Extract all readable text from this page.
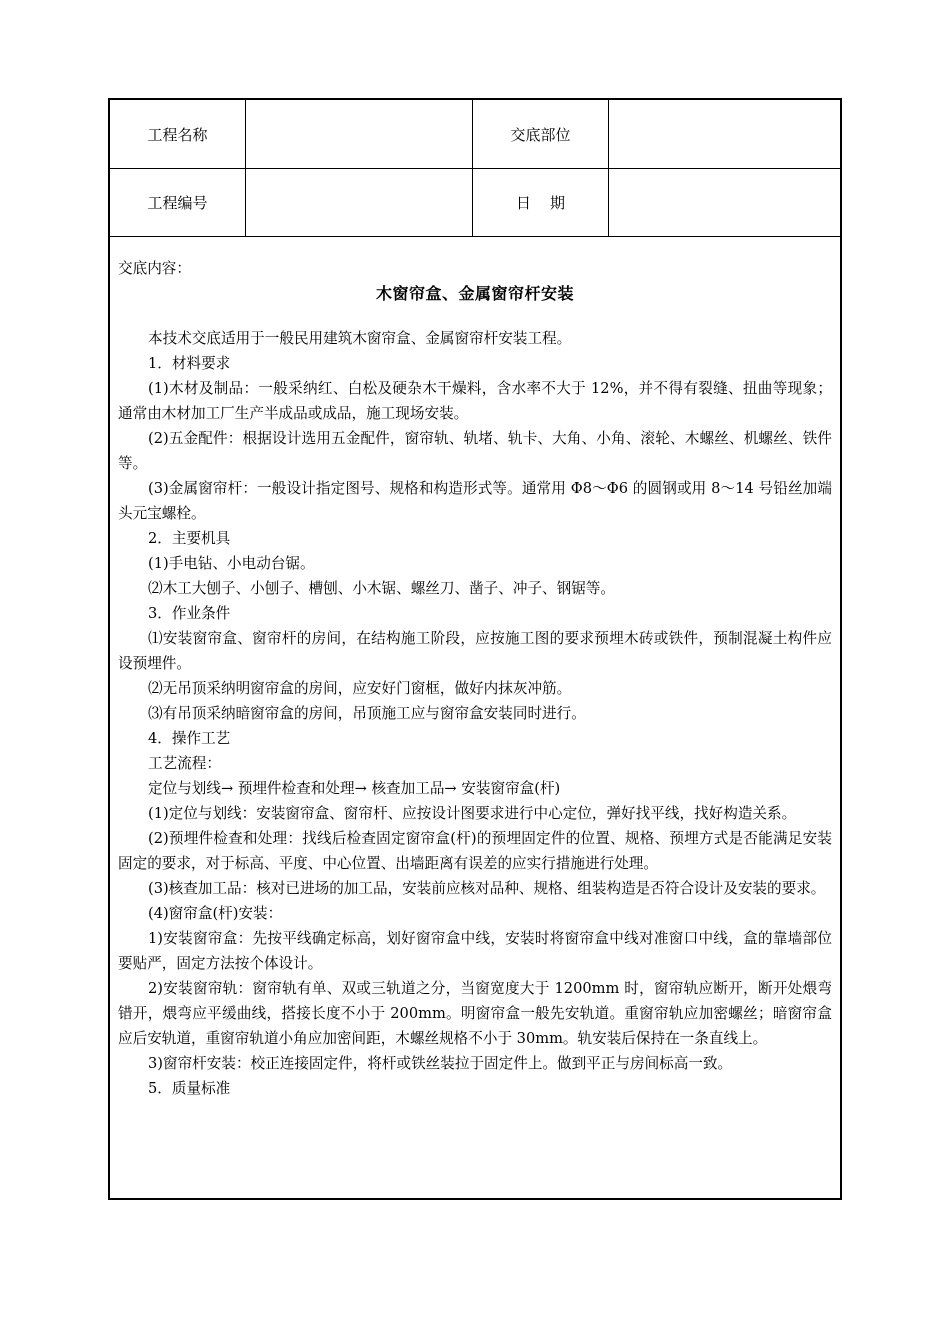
工程名称	交底部位
工程编号	日    期
交底内容：

木窗帘盒、金属窗帘杆安装

本技术交底适用于一般民用建筑木窗帘盒、金属窗帘杆安装工程。

1．材料要求

(1)木材及制品：一般采纳红、白松及硬杂木干燥料，含水率不大于 12%，并不得有裂缝、扭曲等现象；通常由木材加工厂生产半成品或成品，施工现场安装。

(2)五金配件：根据设计选用五金配件，窗帘轨、轨堵、轨卡、大角、小角、滚轮、木螺丝、机螺丝、铁件等。

(3)金属窗帘杆：一般设计指定图号、规格和构造形式等。通常用 Φ8～Φ6 的圆钢或用 8～14 号铅丝加端头元宝螺栓。

2．主要机具

(1)手电钻、小电动台锯。

⑵木工大刨子、小刨子、槽刨、小木锯、螺丝刀、凿子、冲子、钢锯等。

3．作业条件

⑴安装窗帘盒、窗帘杆的房间，在结构施工阶段，应按施工图的要求预埋木砖或铁件，预制混凝土构件应设预埋件。

⑵无吊顶采纳明窗帘盒的房间，应安好门窗框，做好内抹灰冲筋。

⑶有吊顶采纳暗窗帘盒的房间，吊顶施工应与窗帘盒安装同时进行。

4．操作工艺

工艺流程：

定位与划线→ 预埋件检查和处理→ 核查加工品→ 安装窗帘盒(杆)

(1)定位与划线：安装窗帘盒、窗帘杆、应按设计图要求进行中心定位，弹好找平线，找好构造关系。

(2)预埋件检查和处理：找线后检查固定窗帘盒(杆)的预埋固定件的位置、规格、预埋方式是否能满足安装固定的要求，对于标高、平度、中心位置、出墙距离有误差的应实行措施进行处理。

(3)核查加工品：核对已进场的加工品，安装前应核对品种、规格、组装构造是否符合设计及安装的要求。

(4)窗帘盒(杆)安装：

1)安装窗帘盒：先按平线确定标高，划好窗帘盒中线，安装时将窗帘盒中线对准窗口中线，盒的靠墙部位要贴严，固定方法按个体设计。

2)安装窗帘轨：窗帘轨有单、双或三轨道之分，当窗宽度大于 1200mm 时，窗帘轨应断开，断开处煨弯错开，煨弯应平缓曲线，搭接长度不小于 200mm。明窗帘盒一般先安轨道。重窗帘轨应加密螺丝；暗窗帘盒应后安轨道，重窗帘轨道小角应加密间距，木螺丝规格不小于 30mm。轨安装后保持在一条直线上。

3)窗帘杆安装：校正连接固定件，将杆或铁丝装拉于固定件上。做到平正与房间标高一致。

5．质量标准
